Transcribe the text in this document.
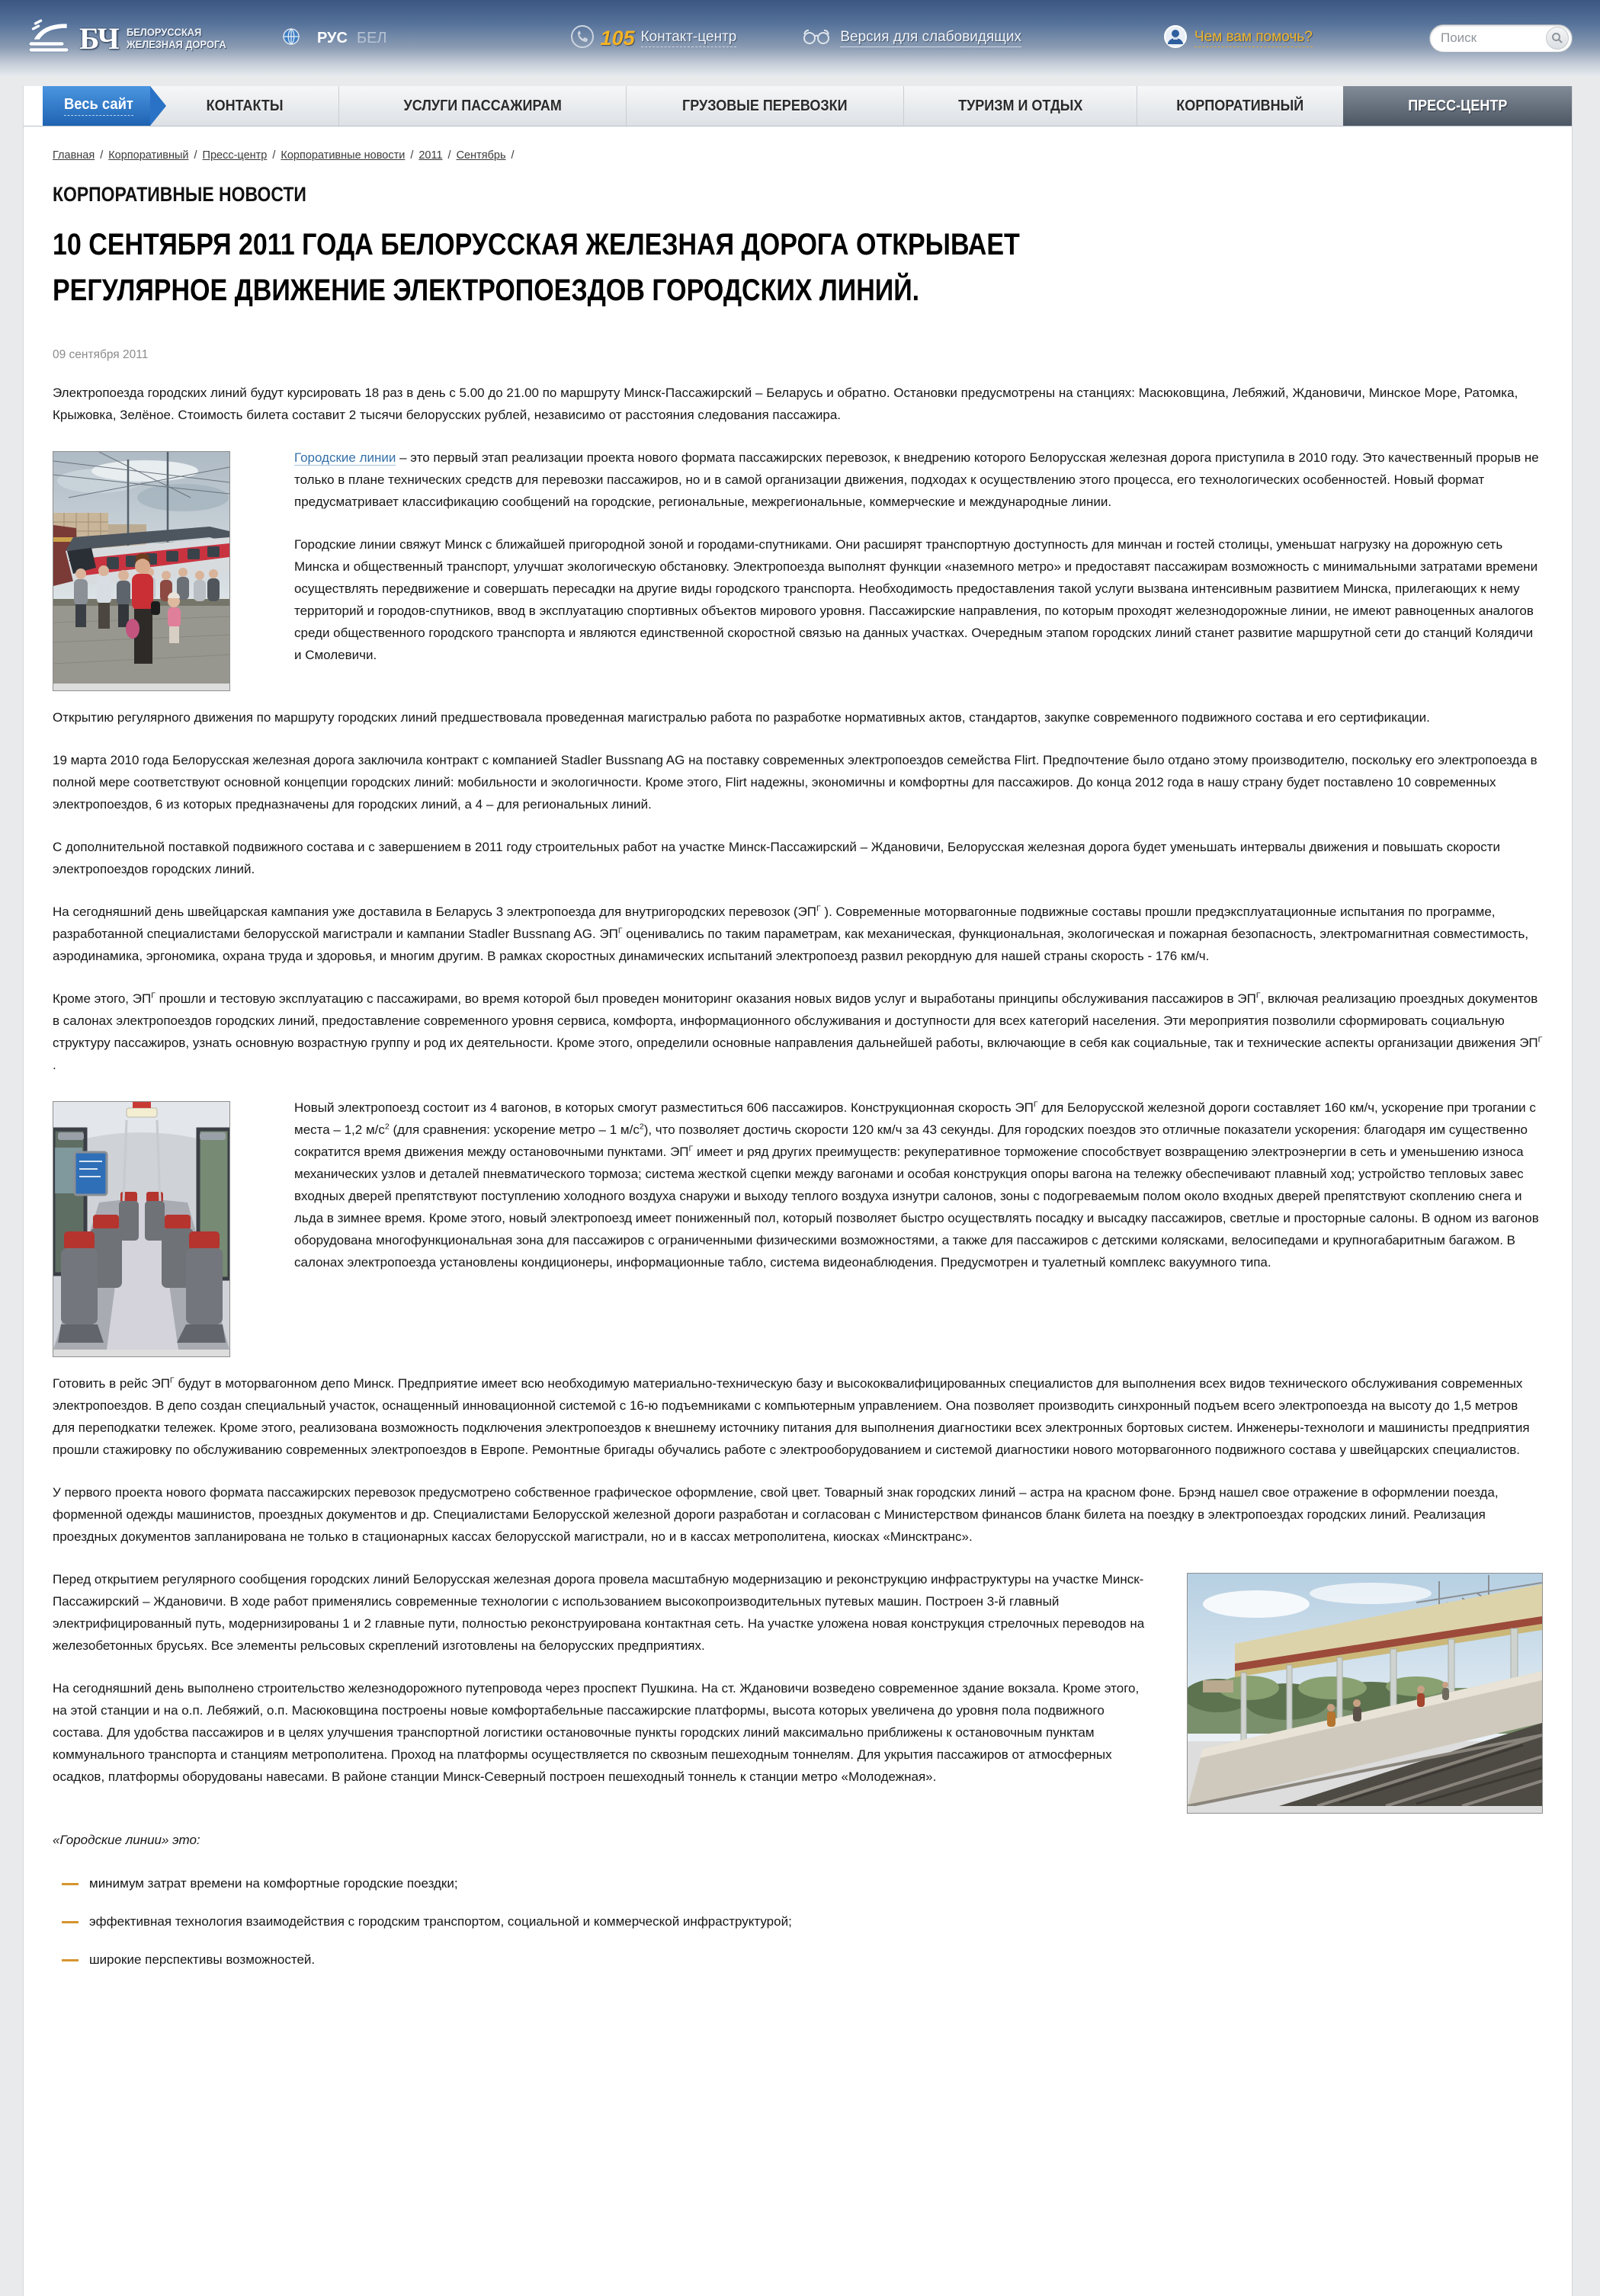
БЧ БЕЛОРУССКАЯ
ЖЕЛЕЗНАЯ ДОРОГА	РУС БЕЛ	105 Контакт-центр	Версия для слабовидящих	Чем вам помочь?
Поиск
Весь сайт	КОНТАКТЫ	УСЛУГИ ПАССАЖИРАМ	ГРУЗОВЫЕ ПЕРЕВОЗКИ	ТУРИЗМ И ОТДЫХ	КОРПОРАТИВНЫЙ	ПРЕСС-ЦЕНТР
Главная / Корпоративный / Пресс-центр / Корпоративные новости / 2011 / Сентябрь /
КОРПОРАТИВНЫЕ НОВОСТИ
10 СЕНТЯБРЯ 2011 ГОДА БЕЛОРУССКАЯ ЖЕЛЕЗНАЯ ДОРОГА ОТКРЫВАЕТ РЕГУЛЯРНОЕ ДВИЖЕНИЕ ЭЛЕКТРОПОЕЗДОВ ГОРОДСКИХ ЛИНИЙ.
09 сентября 2011

Электропоезда городских линий будут курсировать 18 раз в день с 5.00 до 21.00 по маршруту Минск-Пассажирский – Беларусь и обратно. Остановки предусмотрены на станциях: Масюковщина, Лебяжий, Ждановичи, Минское Море, Ратомка, Крыжовка, Зелёное. Стоимость билета составит 2 тысячи белорусских рублей, независимо от расстояния следования пассажира.

Городские линии – это первый этап реализации проекта нового формата пассажирских перевозок, к внедрению которого Белорусская железная дорога приступила в 2010 году. Это качественный прорыв не только в плане технических средств для перевозки пассажиров, но и в самой организации движения, подходах к осуществлению этого процесса, его технологических особенностей. Новый формат предусматривает классификацию сообщений на городские, региональные, межрегиональные, коммерческие и международные линии.

Городские линии свяжут Минск с ближайшей пригородной зоной и городами-спутниками. Они расширят транспортную доступность для минчан и гостей столицы, уменьшат нагрузку на дорожную сеть Минска и общественный транспорт, улучшат экологическую обстановку. Электропоезда выполнят функции «наземного метро» и предоставят пассажирам возможность с минимальными затратами времени осуществлять передвижение и совершать пересадки на другие виды городского транспорта. Необходимость предоставления такой услуги вызвана интенсивным развитием Минска, прилегающих к нему территорий и городов-спутников, ввод в эксплуатацию спортивных объектов мирового уровня. Пассажирские направления, по которым проходят железнодорожные линии, не имеют равноценных аналогов среди общественного городского транспорта и являются единственной скоростной связью на данных участках. Очередным этапом городских линий станет развитие маршрутной сети до станций Колядичи и Смолевичи.

Открытию регулярного движения по маршруту городских линий предшествовала проведенная магистралью работа по разработке нормативных актов, стандартов, закупке современного подвижного состава и его сертификации.

19 марта 2010 года Белорусская железная дорога заключила контракт с компанией Stadler Bussnang AG на поставку современных электропоездов семейства Flirt. Предпочтение было отдано этому производителю, поскольку его электропоезда в полной мере соответствуют основной концепции городских линий: мобильности и экологичности. Кроме этого, Flirt надежны, экономичны и комфортны для пассажиров. До конца 2012 года в нашу страну будет поставлено 10 современных электропоездов, 6 из которых предназначены для городских линий, а 4 – для региональных линий.

С дополнительной поставкой подвижного состава и с завершением в 2011 году строительных работ на участке Минск-Пассажирский – Ждановичи, Белорусская железная дорога будет уменьшать интервалы движения и повышать скорости электропоездов городских линий.

На сегодняшний день швейцарская кампания уже доставила в Беларусь 3 электропоезда для внутригородских перевозок ($ЭП^Г$ ). Современные моторвагонные подвижные составы прошли предэксплуатационные испытания по программе, разработанной специалистами белорусской магистрали и кампании Stadler Bussnang AG. $ЭП^Г$ оценивались по таким параметрам, как механическая, функциональная, экологическая и пожарная безопасность, электромагнитная совместимость, аэродинамика, эргономика, охрана труда и здоровья, и многим другим. В рамках скоростных динамических испытаний электропоезд развил рекордную для нашей страны скорость - 176 км/ч.

Кроме этого, $ЭП^Г$ прошли и тестовую эксплуатацию с пассажирами, во время которой был проведен мониторинг оказания новых видов услуг и выработаны принципы обслуживания пассажиров в $ЭП^Г$, включая реализацию проездных документов в салонах электропоездов городских линий, предоставление современного уровня сервиса, комфорта, информационного обслуживания и доступности для всех категорий населения. Эти мероприятия позволили сформировать социальную структуру пассажиров, узнать основную возрастную группу и род их деятельности. Кроме этого, определили основные направления дальнейшей работы, включающие в себя как социальные, так и технические аспекты организации движения $ЭП^Г$ .

Новый электропоезд состоит из 4 вагонов, в которых смогут разместиться 606 пассажиров. Конструкционная скорость $ЭП^Г$ для Белорусской железной дороги составляет 160 км/ч, ускорение при трогании с места – 1,2 $м/с^2$ (для сравнения: ускорение метро – 1 $м/с^2$), что позволяет достичь скорости 120 км/ч за 43 секунды. Для городских поездов это отличные показатели ускорения: благодаря им существенно сократится время движения между остановочными пунктами. $ЭП^Г$ имеет и ряд других преимуществ: рекуперативное торможение способствует возвращению электроэнергии в сеть и уменьшению износа механических узлов и деталей пневматического тормоза; система жесткой сцепки между вагонами и особая конструкция опоры вагона на тележку обеспечивают плавный ход; устройство тепловых завес входных дверей препятствуют поступлению холодного воздуха снаружи и выходу теплого воздуха изнутри салонов, зоны с подогреваемым полом около входных дверей препятствуют скоплению снега и льда в зимнее время. Кроме этого, новый электропоезд имеет пониженный пол, который позволяет быстро осуществлять посадку и высадку пассажиров, светлые и просторные салоны. В одном из вагонов оборудована многофункциональная зона для пассажиров с ограниченными физическими возможностями, а также для пассажиров с детскими колясками, велосипедами и крупногабаритным багажом. В салонах электропоезда установлены кондиционеры, информационные табло, система видеонаблюдения. Предусмотрен и туалетный комплекс вакуумного типа.

Готовить в рейс $ЭП^Г$ будут в моторвагонном депо Минск. Предприятие имеет всю необходимую материально-техническую базу и высококвалифицированных специалистов для выполнения всех видов технического обслуживания современных электропоездов. В депо создан специальный участок, оснащенный инновационной системой с 16-ю подъемниками с компьютерным управлением. Она позволяет производить синхронный подъем всего электропоезда на высоту до 1,5 метров для переподкатки тележек. Кроме этого, реализована возможность подключения электропоездов к внешнему источнику питания для выполнения диагностики всех электронных бортовых систем. Инженеры-технологи и машинисты предприятия прошли стажировку по обслуживанию современных электропоездов в Европе. Ремонтные бригады обучались работе с электрооборудованием и системой диагностики нового моторвагонного подвижного состава у швейцарских специалистов.

У первого проекта нового формата пассажирских перевозок предусмотрено собственное графическое оформление, свой цвет. Товарный знак городских линий – астра на красном фоне. Брэнд нашел свое отражение в оформлении поезда, форменной одежды машинистов, проездных документов и др. Специалистами Белорусской железной дороги разработан и согласован с Министерством финансов бланк билета на поездку в электропоездах городских линий. Реализация проездных документов запланирована не только в стационарных кассах белорусской магистрали, но и в кассах метрополитена, киосках «Минсктранс».

Перед открытием регулярного сообщения городских линий Белорусская железная дорога провела масштабную модернизацию и реконструкцию инфраструктуры на участке Минск-Пассажирский – Ждановичи. В ходе работ применялись современные технологии с использованием высокопроизводительных путевых машин. Построен 3-й главный электрифицированный путь, модернизированы 1 и 2 главные пути, полностью реконструирована контактная сеть. На участке уложена новая конструкция стрелочных переводов на железобетонных брусьях. Все элементы рельсовых скреплений изготовлены на белорусских предприятиях.

На сегодняшний день выполнено строительство железнодорожного путепровода через проспект Пушкина. На ст. Ждановичи возведено современное здание вокзала. Кроме этого, на этой станции и на о.п. Лебяжий, о.п. Масюковщина построены новые комфортабельные пассажирские платформы, высота которых увеличена до уровня пола подвижного состава. Для удобства пассажиров и в целях улучшения транспортной логистики остановочные пункты городских линий максимально приближены к остановочным пунктам коммунального транспорта и станциям метрополитена. Проход на платформы осуществляется по сквозным пешеходным тоннелям. Для укрытия пассажиров от атмосферных осадков, платформы оборудованы навесами. В районе станции Минск-Северный построен пешеходный тоннель к станции метро «Молодежная».

«Городские линии» это:
минимум затрат времени на комфортные городские поездки;
эффективная технология взаимодействия с городским транспортом, социальной и коммерческой инфраструктурой;
широкие перспективы возможностей.
